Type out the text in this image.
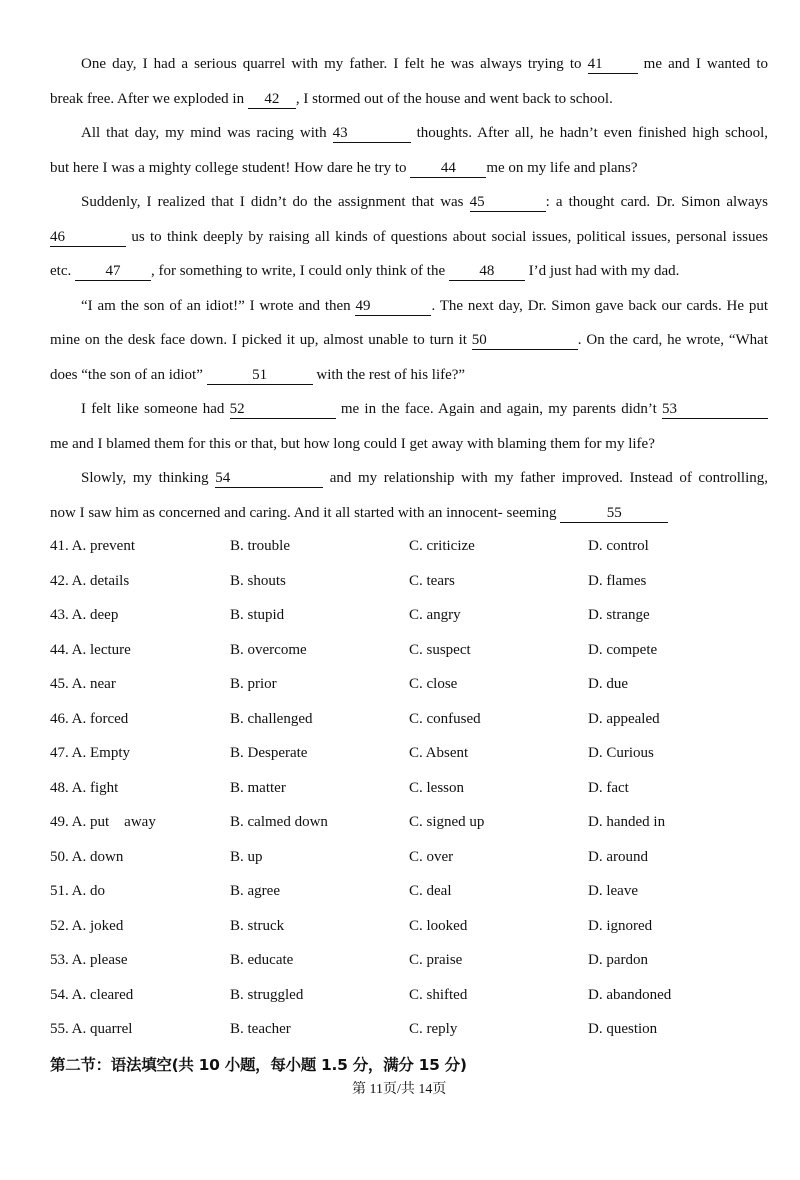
One day, I had a serious quarrel with my father. I felt he was always trying to 41 me and I wanted to
break free. After we exploded in 42 , I stormed out of the house and went back to school.
All that day, my mind was racing with 43	thoughts. After all, he hadn’t even finished high school,
but here I was a mighty college student! How dare he try to 44 me on my life and plans?
Suddenly, I realized that I didn’t do the assignment that was 45	: a thought card. Dr. Simon always
46	us to think deeply by raising all kinds of questions about social issues, political issues, personal issues
etc. 47 , for something to write, I could only think of the 48 I’d just had with my dad.
“I am the son of an idiot!” I wrote and then 49	. The next day, Dr. Simon gave back our cards. He put
mine on the desk face down. I picked it up, almost unable to turn it 50	. On the card, he wrote, “What
does “the son of an idiot”	51	with the rest of his life?”
I felt like someone had 52	me in the face. Again and again, my parents didn’t 53
me and I blamed them for this or that, but how long could I get away with blaming them for my life?
Slowly, my thinking 54	and my relationship with my father improved. Instead of controlling,
now I saw him as concerned and caring. And it all started with an innocent- seeming	55
41. A. prevent	B. trouble	C. criticize	D. control
42. A. details	B. shouts	C. tears	D. flames
43. A. deep	B. stupid	C. angry	D. strange
44. A. lecture	B. overcome	C. suspect	D. compete
45. A. near	B. prior	C. close	D. due
46. A. forced	B. challenged	C. confused	D. appealed
47. A. Empty	B. Desperate	C. Absent	D. Curious
48. A. fight	B. matter	C. lesson	D. fact
49. A. put    away	B. calmed down	C. signed up	D. handed in
50. A. down	B. up	C. over	D. around
51. A. do	B. agree	C. deal	D. leave
52. A. joked	B. struck	C. looked	D. ignored
53. A. please	B. educate	C. praise	D. pardon
54. A. cleared	B. struggled	C. shifted	D. abandoned
55. A. quarrel	B. teacher	C. reply	D. question
第二节：语法填空(共 10 小题，每小题 1.5 分，满分 15 分)
第 11页/共 14页
